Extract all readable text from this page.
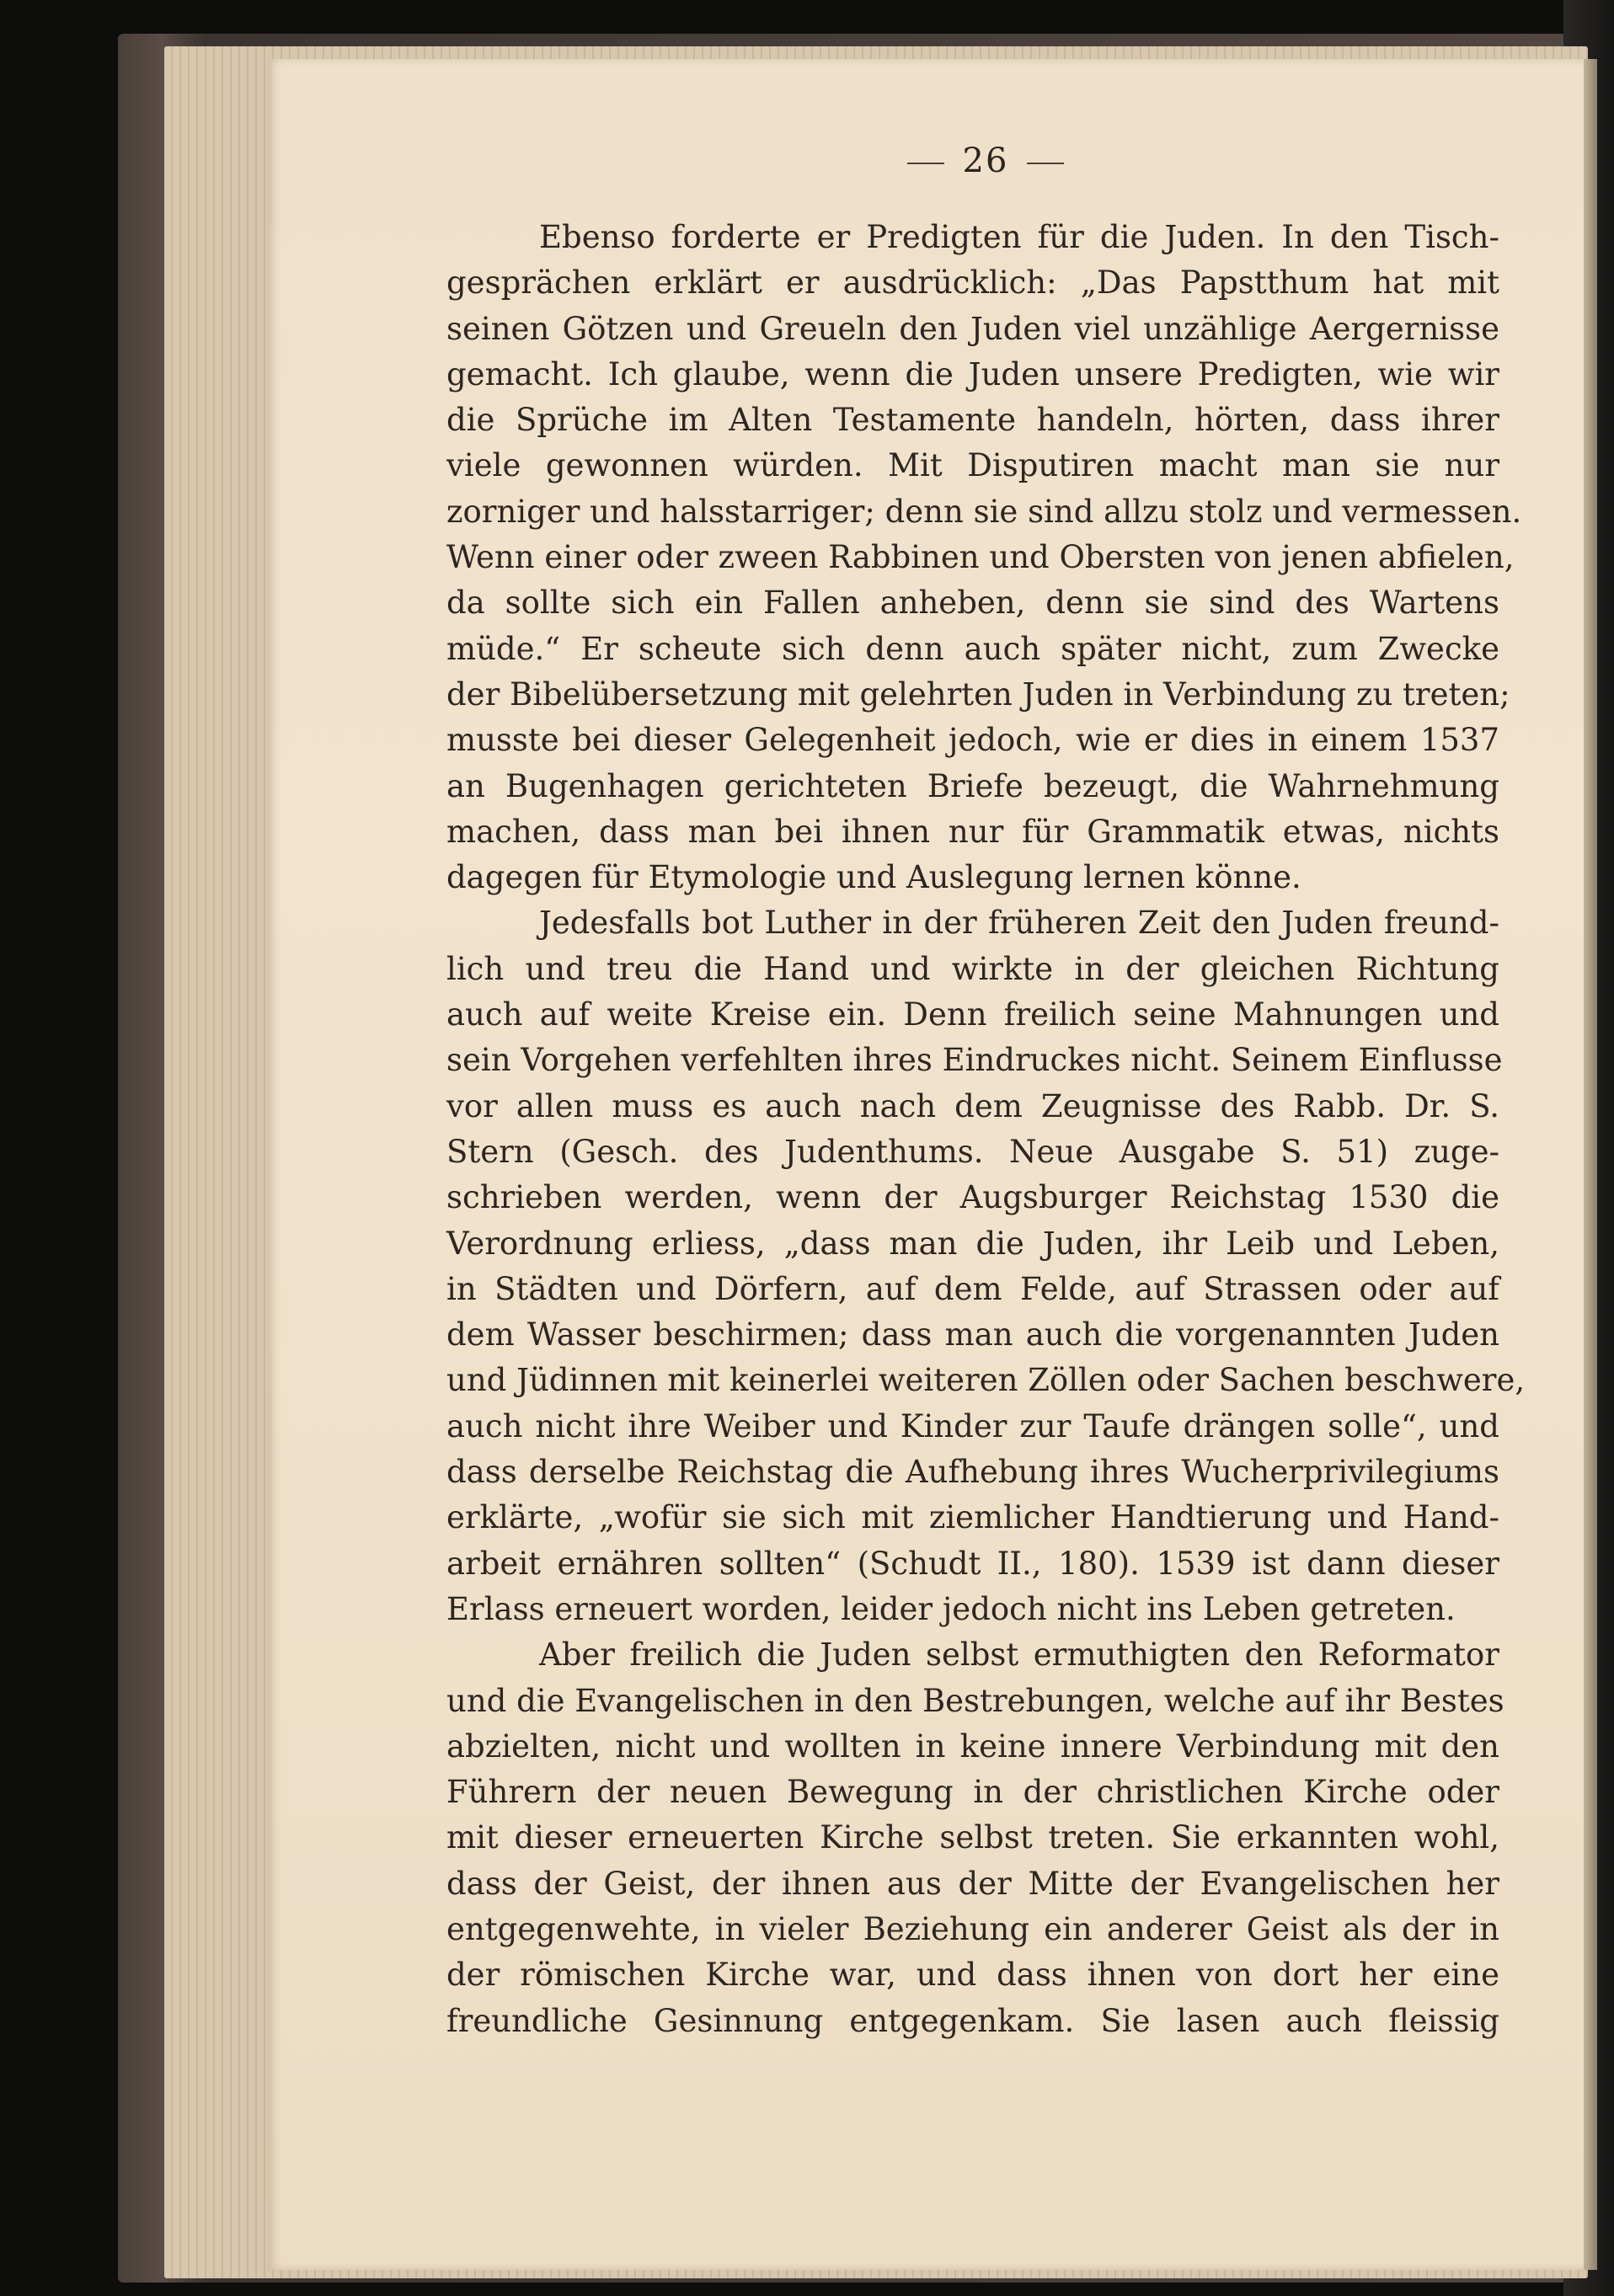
26
Ebenso forderte er Predigten für die Juden. In den Tisch-
gesprächen erklärt er ausdrücklich: „Das Papstthum hat mit
seinen Götzen und Greueln den Juden viel unzählige Aergernisse
gemacht. Ich glaube, wenn die Juden unsere Predigten, wie wir
die Sprüche im Alten Testamente handeln, hörten, dass ihrer
viele gewonnen würden. Mit Disputiren macht man sie nur
zorniger und halsstarriger; denn sie sind allzu stolz und vermessen.
Wenn einer oder zween Rabbinen und Obersten von jenen abfielen,
da sollte sich ein Fallen anheben, denn sie sind des Wartens
müde.“ Er scheute sich denn auch später nicht, zum Zwecke
der Bibelübersetzung mit gelehrten Juden in Verbindung zu treten;
musste bei dieser Gelegenheit jedoch, wie er dies in einem 1537
an Bugenhagen gerichteten Briefe bezeugt, die Wahrnehmung
machen, dass man bei ihnen nur für Grammatik etwas, nichts
dagegen für Etymologie und Auslegung lernen könne.
Jedesfalls bot Luther in der früheren Zeit den Juden freund-
lich und treu die Hand und wirkte in der gleichen Richtung
auch auf weite Kreise ein. Denn freilich seine Mahnungen und
sein Vorgehen verfehlten ihres Eindruckes nicht. Seinem Einflusse
vor allen muss es auch nach dem Zeugnisse des Rabb. Dr. S.
Stern (Gesch. des Judenthums. Neue Ausgabe S. 51) zuge-
schrieben werden, wenn der Augsburger Reichstag 1530 die
Verordnung erliess, „dass man die Juden, ihr Leib und Leben,
in Städten und Dörfern, auf dem Felde, auf Strassen oder auf
dem Wasser beschirmen; dass man auch die vorgenannten Juden
und Jüdinnen mit keinerlei weiteren Zöllen oder Sachen beschwere,
auch nicht ihre Weiber und Kinder zur Taufe drängen solle“, und
dass derselbe Reichstag die Aufhebung ihres Wucherprivilegiums
erklärte, „wofür sie sich mit ziemlicher Handtierung und Hand-
arbeit ernähren sollten“ (Schudt II., 180). 1539 ist dann dieser
Erlass erneuert worden, leider jedoch nicht ins Leben getreten.
Aber freilich die Juden selbst ermuthigten den Reformator
und die Evangelischen in den Bestrebungen, welche auf ihr Bestes
abzielten, nicht und wollten in keine innere Verbindung mit den
Führern der neuen Bewegung in der christlichen Kirche oder
mit dieser erneuerten Kirche selbst treten. Sie erkannten wohl,
dass der Geist, der ihnen aus der Mitte der Evangelischen her
entgegenwehte, in vieler Beziehung ein anderer Geist als der in
der römischen Kirche war, und dass ihnen von dort her eine
freundliche Gesinnung entgegenkam. Sie lasen auch fleissig
